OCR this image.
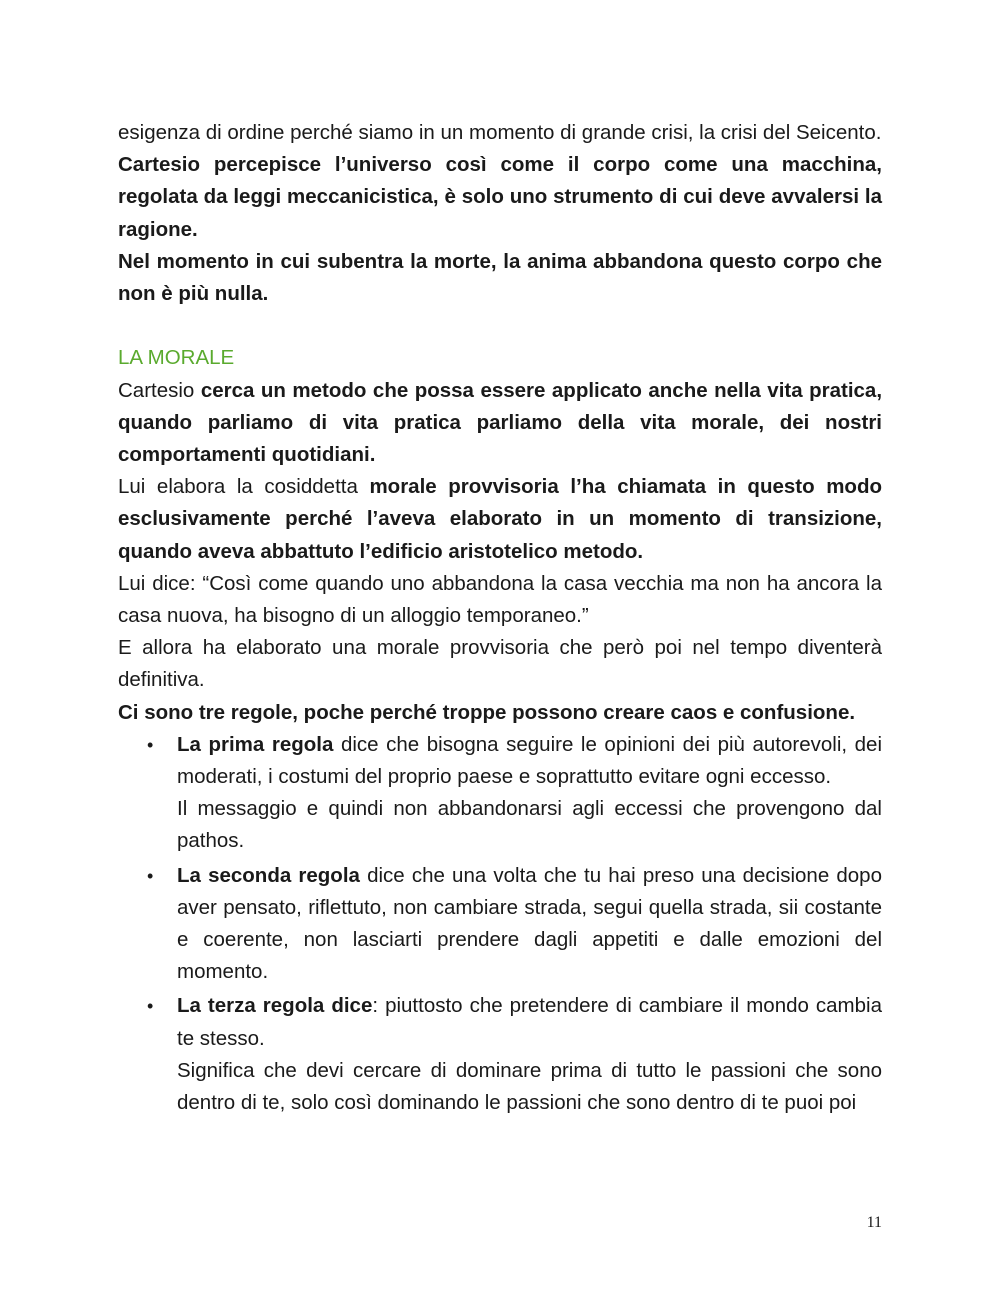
esigenza di ordine perché siamo in un momento di grande crisi, la crisi del Seicento.

Cartesio percepisce l’universo così come il corpo come una macchina, regolata da leggi meccanicistica, è solo uno strumento di cui deve avvalersi la ragione.

Nel momento in cui subentra la morte, la anima abbandona questo corpo che non è più nulla.

LA MORALE

Cartesio cerca un metodo che possa essere applicato anche nella vita pratica, quando parliamo di vita pratica parliamo della vita morale, dei nostri comportamenti quotidiani.

Lui elabora la cosiddetta morale provvisoria l’ha chiamata in questo modo esclusivamente perché l’aveva elaborato in un momento di transizione, quando aveva abbattuto l’edificio aristotelico metodo.

Lui dice: “Così come quando uno abbandona la casa vecchia ma non ha ancora la casa nuova, ha bisogno di un alloggio temporaneo.”

E allora ha elaborato una morale provvisoria che però poi nel tempo diventerà definitiva.

Ci sono tre regole, poche perché troppe possono creare caos e confusione.

• La prima regola dice che bisogna seguire le opinioni dei più autorevoli, dei moderati, i costumi del proprio paese e soprattutto evitare ogni eccesso.

Il messaggio e quindi non abbandonarsi agli eccessi che provengono dal pathos.

• La seconda regola dice che una volta che tu hai preso una decisione dopo aver pensato, riflettuto, non cambiare strada, segui quella strada, sii costante e coerente, non lasciarti prendere dagli appetiti e dalle emozioni del momento.

• La terza regola dice: piuttosto che pretendere di cambiare il mondo cambia te stesso.

Significa che devi cercare di dominare prima di tutto le passioni che sono dentro di te, solo così dominando le passioni che sono dentro di te puoi poi

11
